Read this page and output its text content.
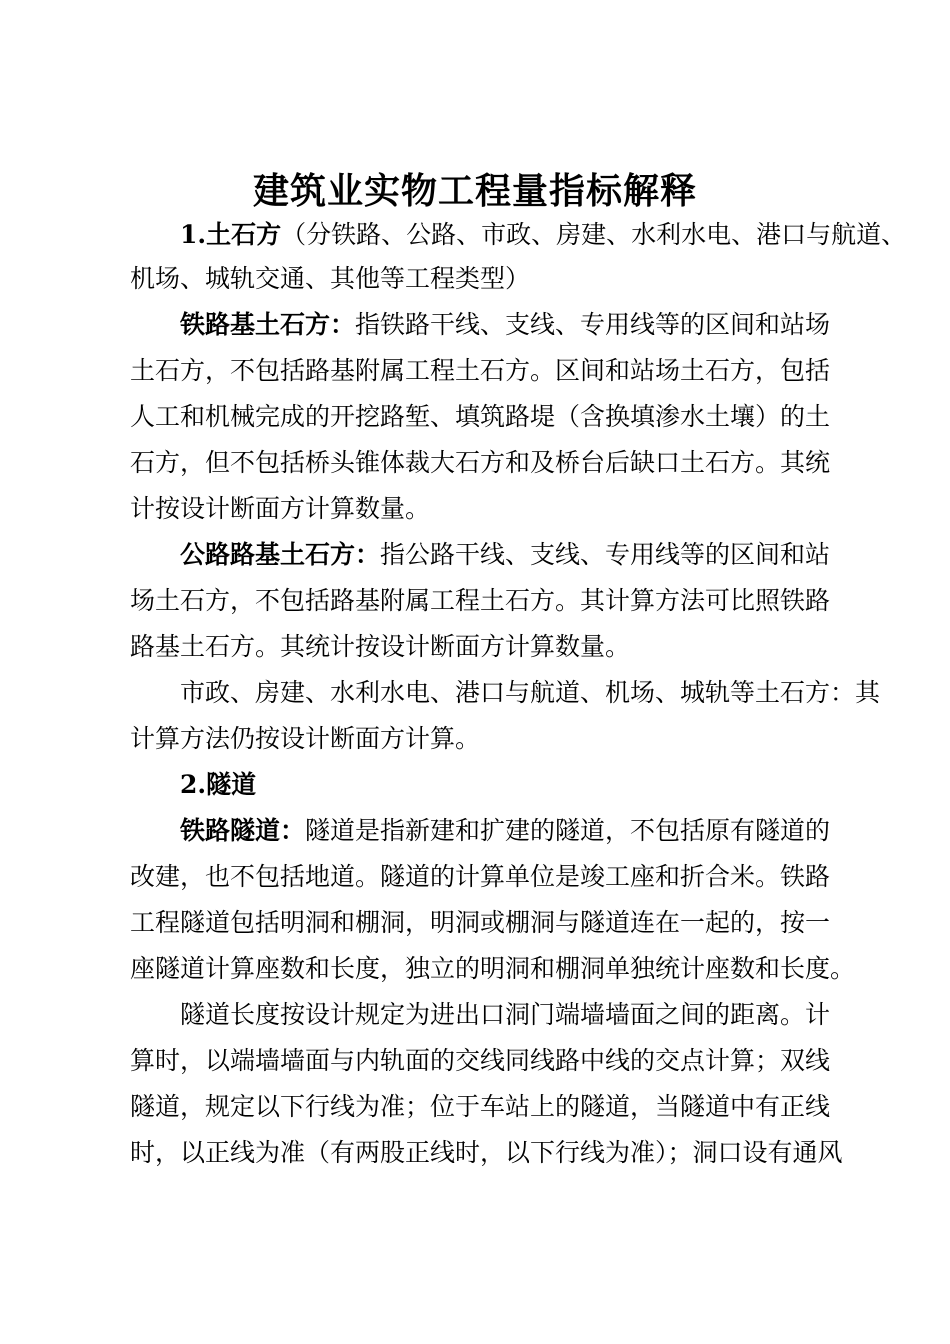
建筑业实物工程量指标解释
1.土石方（分铁路、公路、市政、房建、水利水电、港口与航道、
机场、城轨交通、其他等工程类型）
铁路基土石方：指铁路干线、支线、专用线等的区间和站场
土石方，不包括路基附属工程土石方。区间和站场土石方，包括
人工和机械完成的开挖路堑、填筑路堤（含换填渗水土壤）的土
石方，但不包括桥头锥体裁大石方和及桥台后缺口土石方。其统
计按设计断面方计算数量。
公路路基土石方：指公路干线、支线、专用线等的区间和站
场土石方，不包括路基附属工程土石方。其计算方法可比照铁路
路基土石方。其统计按设计断面方计算数量。
市政、房建、水利水电、港口与航道、机场、城轨等土石方：其
计算方法仍按设计断面方计算。
2.隧道
铁路隧道：隧道是指新建和扩建的隧道，不包括原有隧道的
改建，也不包括地道。隧道的计算单位是竣工座和折合米。铁路
工程隧道包括明洞和棚洞，明洞或棚洞与隧道连在一起的，按一
座隧道计算座数和长度，独立的明洞和棚洞单独统计座数和长度。
隧道长度按设计规定为进出口洞门端墙墙面之间的距离。计
算时，以端墙墙面与内轨面的交线同线路中线的交点计算；双线
隧道，规定以下行线为准；位于车站上的隧道，当隧道中有正线
时，以正线为准（有两股正线时，以下行线为准）；洞口设有通风
